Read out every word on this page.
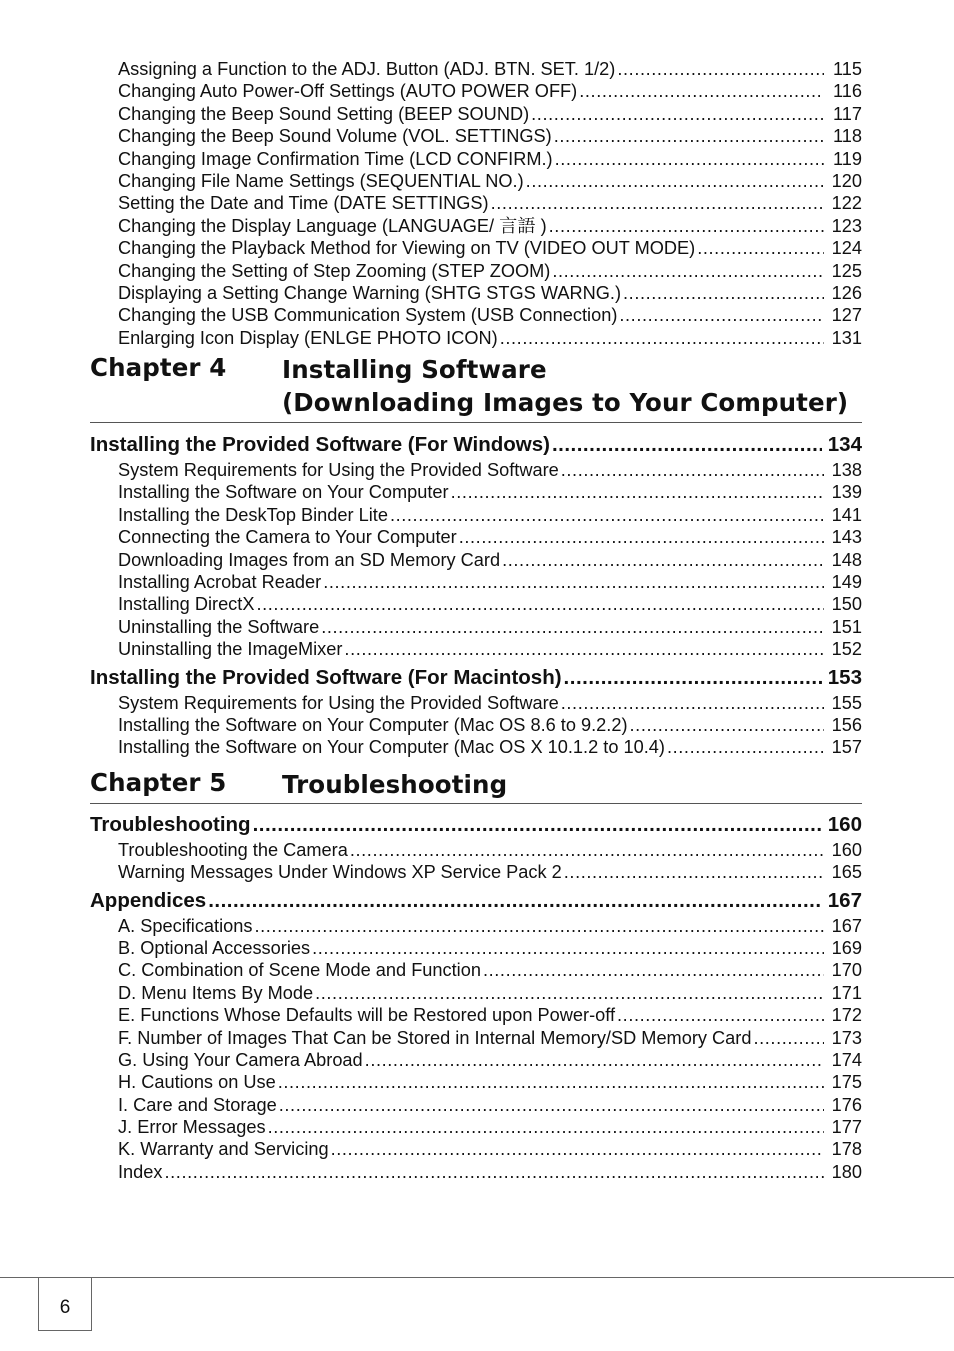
Assigning a Function to the ADJ. Button (ADJ. BTN. SET. 1/2) .....	115
Changing Auto Power-Off Settings (AUTO POWER OFF) .....	116
Changing the Beep Sound Setting (BEEP SOUND) .....	117
Changing the Beep Sound Volume (VOL. SETTINGS) .....	118
Changing Image Confirmation Time (LCD CONFIRM.) .....	119
Changing File Name Settings (SEQUENTIAL NO.) .....	120
Setting the Date and Time (DATE SETTINGS) .....	122
Changing the Display Language (LANGUAGE/ 言語 ) .....	123
Changing the Playback Method for Viewing on TV (VIDEO OUT MODE) .....	124
Changing the Setting of Step Zooming (STEP ZOOM) .....	125
Displaying a Setting Change Warning (SHTG STGS WARNG.) .....	126
Changing the USB Communication System (USB Connection) .....	127
Enlarging Icon Display (ENLGE PHOTO ICON) .....	131
Chapter 4 Installing Software
(Downloading Images to Your Computer)
Installing the Provided Software (For Windows) .....	134
System Requirements for Using the Provided Software .....	138
Installing the Software on Your Computer .....	139
Installing the DeskTop Binder Lite .....	141
Connecting the Camera to Your Computer .....	143
Downloading Images from an SD Memory Card .....	148
Installing Acrobat Reader .....	149
Installing DirectX .....	150
Uninstalling the Software .....	151
Uninstalling the ImageMixer .....	152
Installing the Provided Software (For Macintosh) .....	153
System Requirements for Using the Provided Software .....	155
Installing the Software on Your Computer (Mac OS 8.6 to 9.2.2) .....	156
Installing the Software on Your Computer (Mac OS X 10.1.2 to 10.4) .....	157
Chapter 5 Troubleshooting
Troubleshooting .....	160
Troubleshooting the Camera .....	160
Warning Messages Under Windows XP Service Pack 2 .....	165
Appendices .....	167
A. Specifications .....	167
B. Optional Accessories .....	169
C. Combination of Scene Mode and Function .....	170
D. Menu Items By Mode .....	171
E. Functions Whose Defaults will be Restored upon Power-off .....	172
F. Number of Images That Can be Stored in Internal Memory/SD Memory Card .....	173
G. Using Your Camera Abroad .....	174
H. Cautions on Use .....	175
I. Care and Storage .....	176
J. Error Messages .....	177
K. Warranty and Servicing .....	178
Index .....	180
6
